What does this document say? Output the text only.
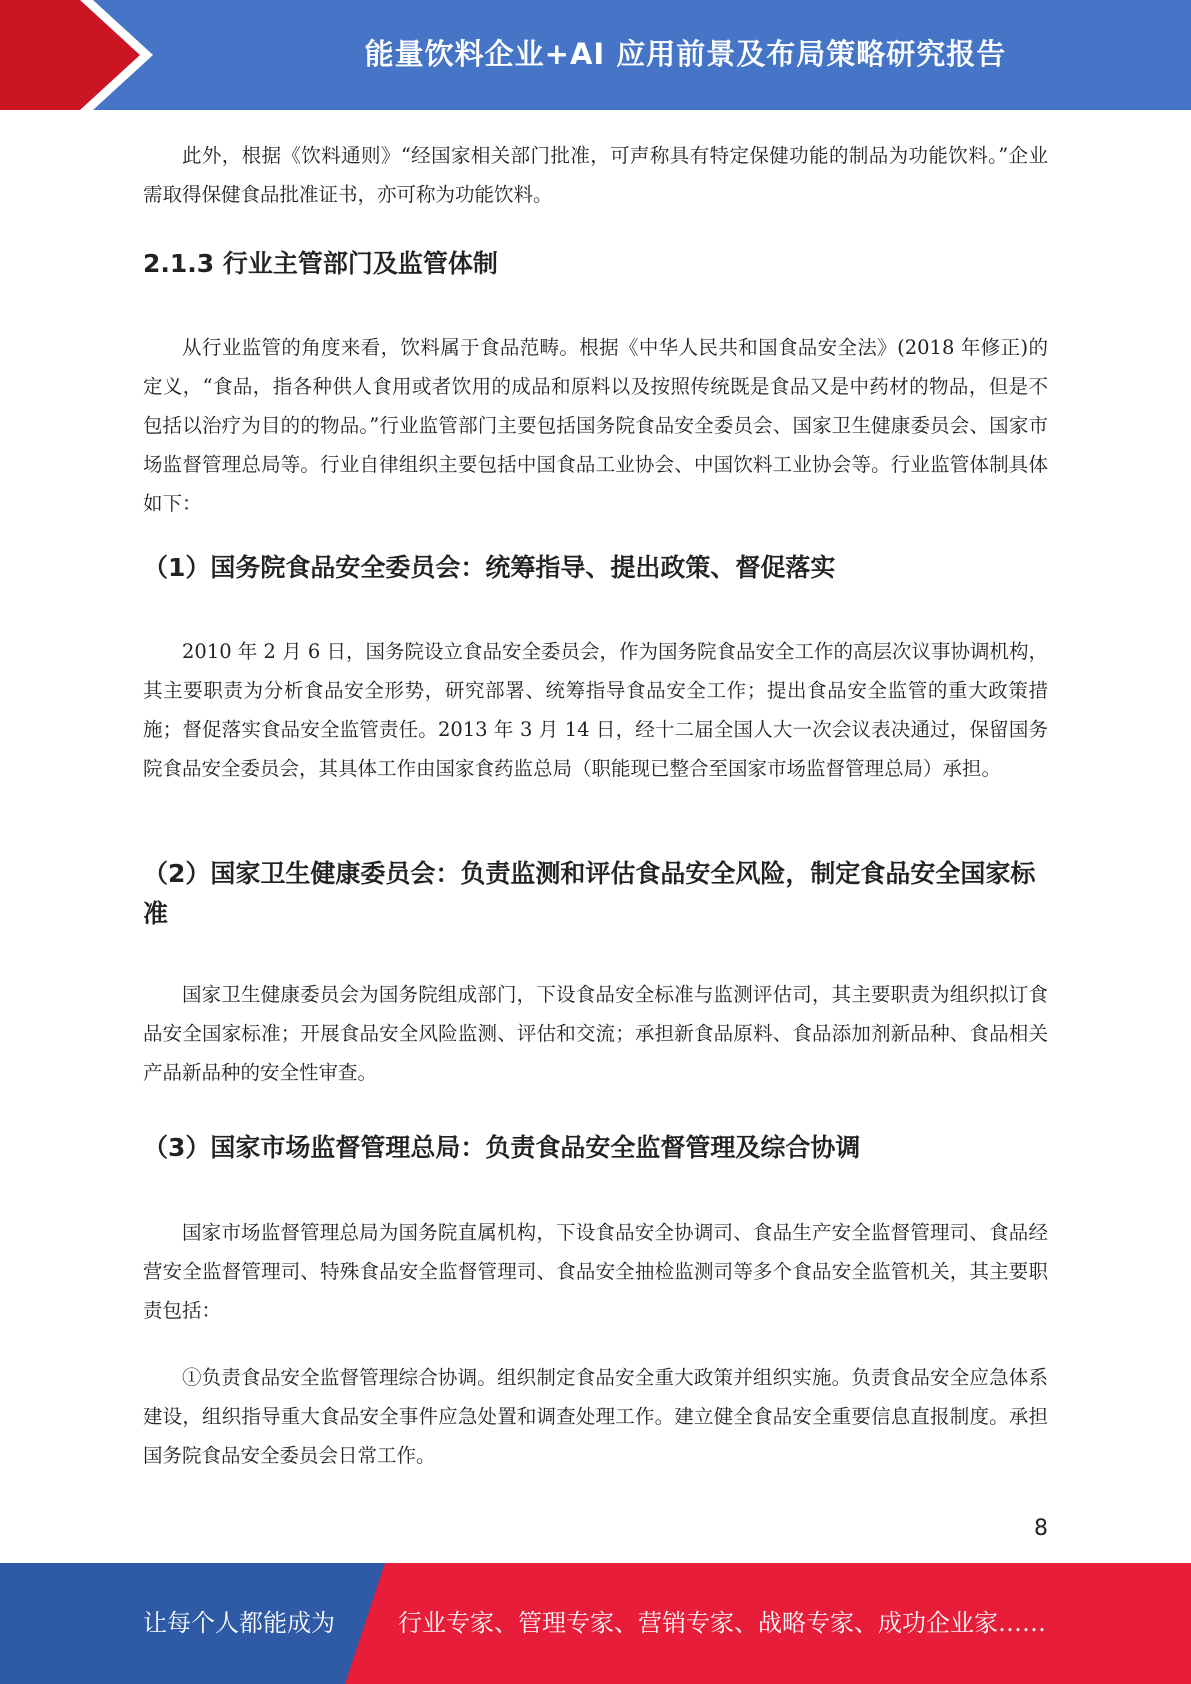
能量饮料企业+AI 应用前景及布局策略研究报告

此外，根据《饮料通则》“经国家相关部门批准，可声称具有特定保健功能的制品为功能饮料。”企业需取得保健食品批准证书，亦可称为功能饮料。

2.1.3 行业主管部门及监管体制

从行业监管的角度来看，饮料属于食品范畴。根据《中华人民共和国食品安全法》(2018 年修正)的定义，“食品，指各种供人食用或者饮用的成品和原料以及按照传统既是食品又是中药材的物品，但是不包括以治疗为目的的物品。”行业监管部门主要包括国务院食品安全委员会、国家卫生健康委员会、国家市场监督管理总局等。行业自律组织主要包括中国食品工业协会、中国饮料工业协会等。行业监管体制具体如下：

（1）国务院食品安全委员会：统筹指导、提出政策、督促落实

2010 年 2 月 6 日，国务院设立食品安全委员会，作为国务院食品安全工作的高层次议事协调机构，其主要职责为分析食品安全形势，研究部署、统筹指导食品安全工作；提出食品安全监管的重大政策措施；督促落实食品安全监管责任。2013 年 3 月 14 日，经十二届全国人大一次会议表决通过，保留国务院食品安全委员会，其具体工作由国家食药监总局（职能现已整合至国家市场监督管理总局）承担。

（2）国家卫生健康委员会：负责监测和评估食品安全风险，制定食品安全国家标准

国家卫生健康委员会为国务院组成部门，下设食品安全标准与监测评估司，其主要职责为组织拟订食品安全国家标准；开展食品安全风险监测、评估和交流；承担新食品原料、食品添加剂新品种、食品相关产品新品种的安全性审查。

（3）国家市场监督管理总局：负责食品安全监督管理及综合协调

国家市场监督管理总局为国务院直属机构，下设食品安全协调司、食品生产安全监督管理司、食品经营安全监督管理司、特殊食品安全监督管理司、食品安全抽检监测司等多个食品安全监管机关，其主要职责包括：

①负责食品安全监督管理综合协调。组织制定食品安全重大政策并组织实施。负责食品安全应急体系建设，组织指导重大食品安全事件应急处置和调查处理工作。建立健全食品安全重要信息直报制度。承担国务院食品安全委员会日常工作。

8
让每个人都能成为	行业专家、管理专家、营销专家、战略专家、成功企业家……
